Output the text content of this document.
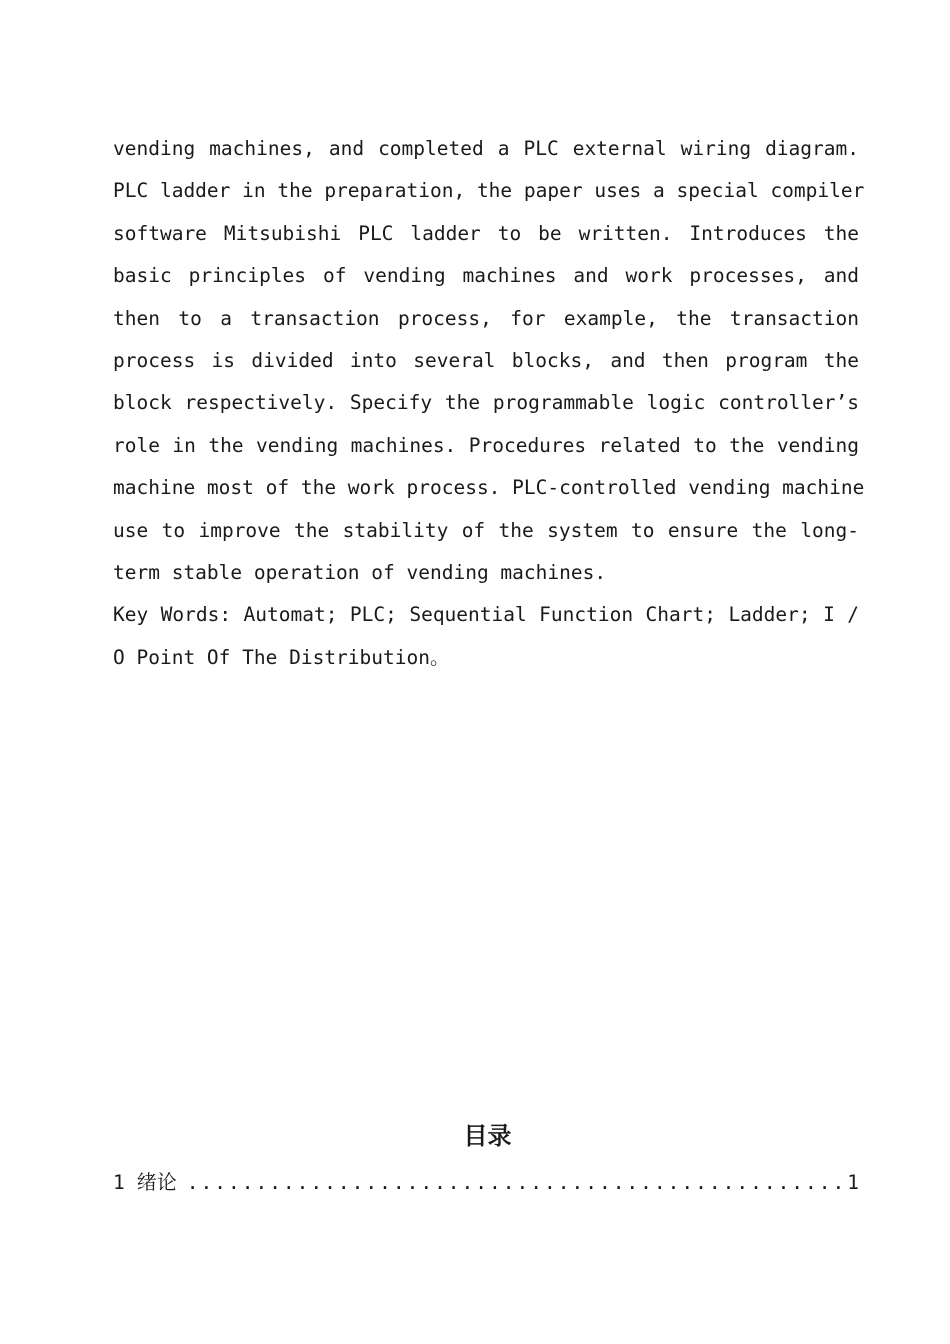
vending machines, and completed a PLC external wiring diagram.
PLC ladder in the preparation, the paper uses a special compiler
software Mitsubishi PLC ladder to be written. Introduces the
basic principles of vending machines and work processes, and
then to a transaction process, for example, the transaction
process is divided into several blocks, and then program the
block respectively. Specify the programmable logic controller’s
role in the vending machines. Procedures related to the vending
machine most of the work process. PLC-controlled vending machine
use to improve the stability of the system to ensure the long-
term stable operation of vending machines.
Key Words: Automat; PLC; Sequential Function Chart; Ladder; I /
O Point Of The Distribution。
目录
1 绪论
.....	1
